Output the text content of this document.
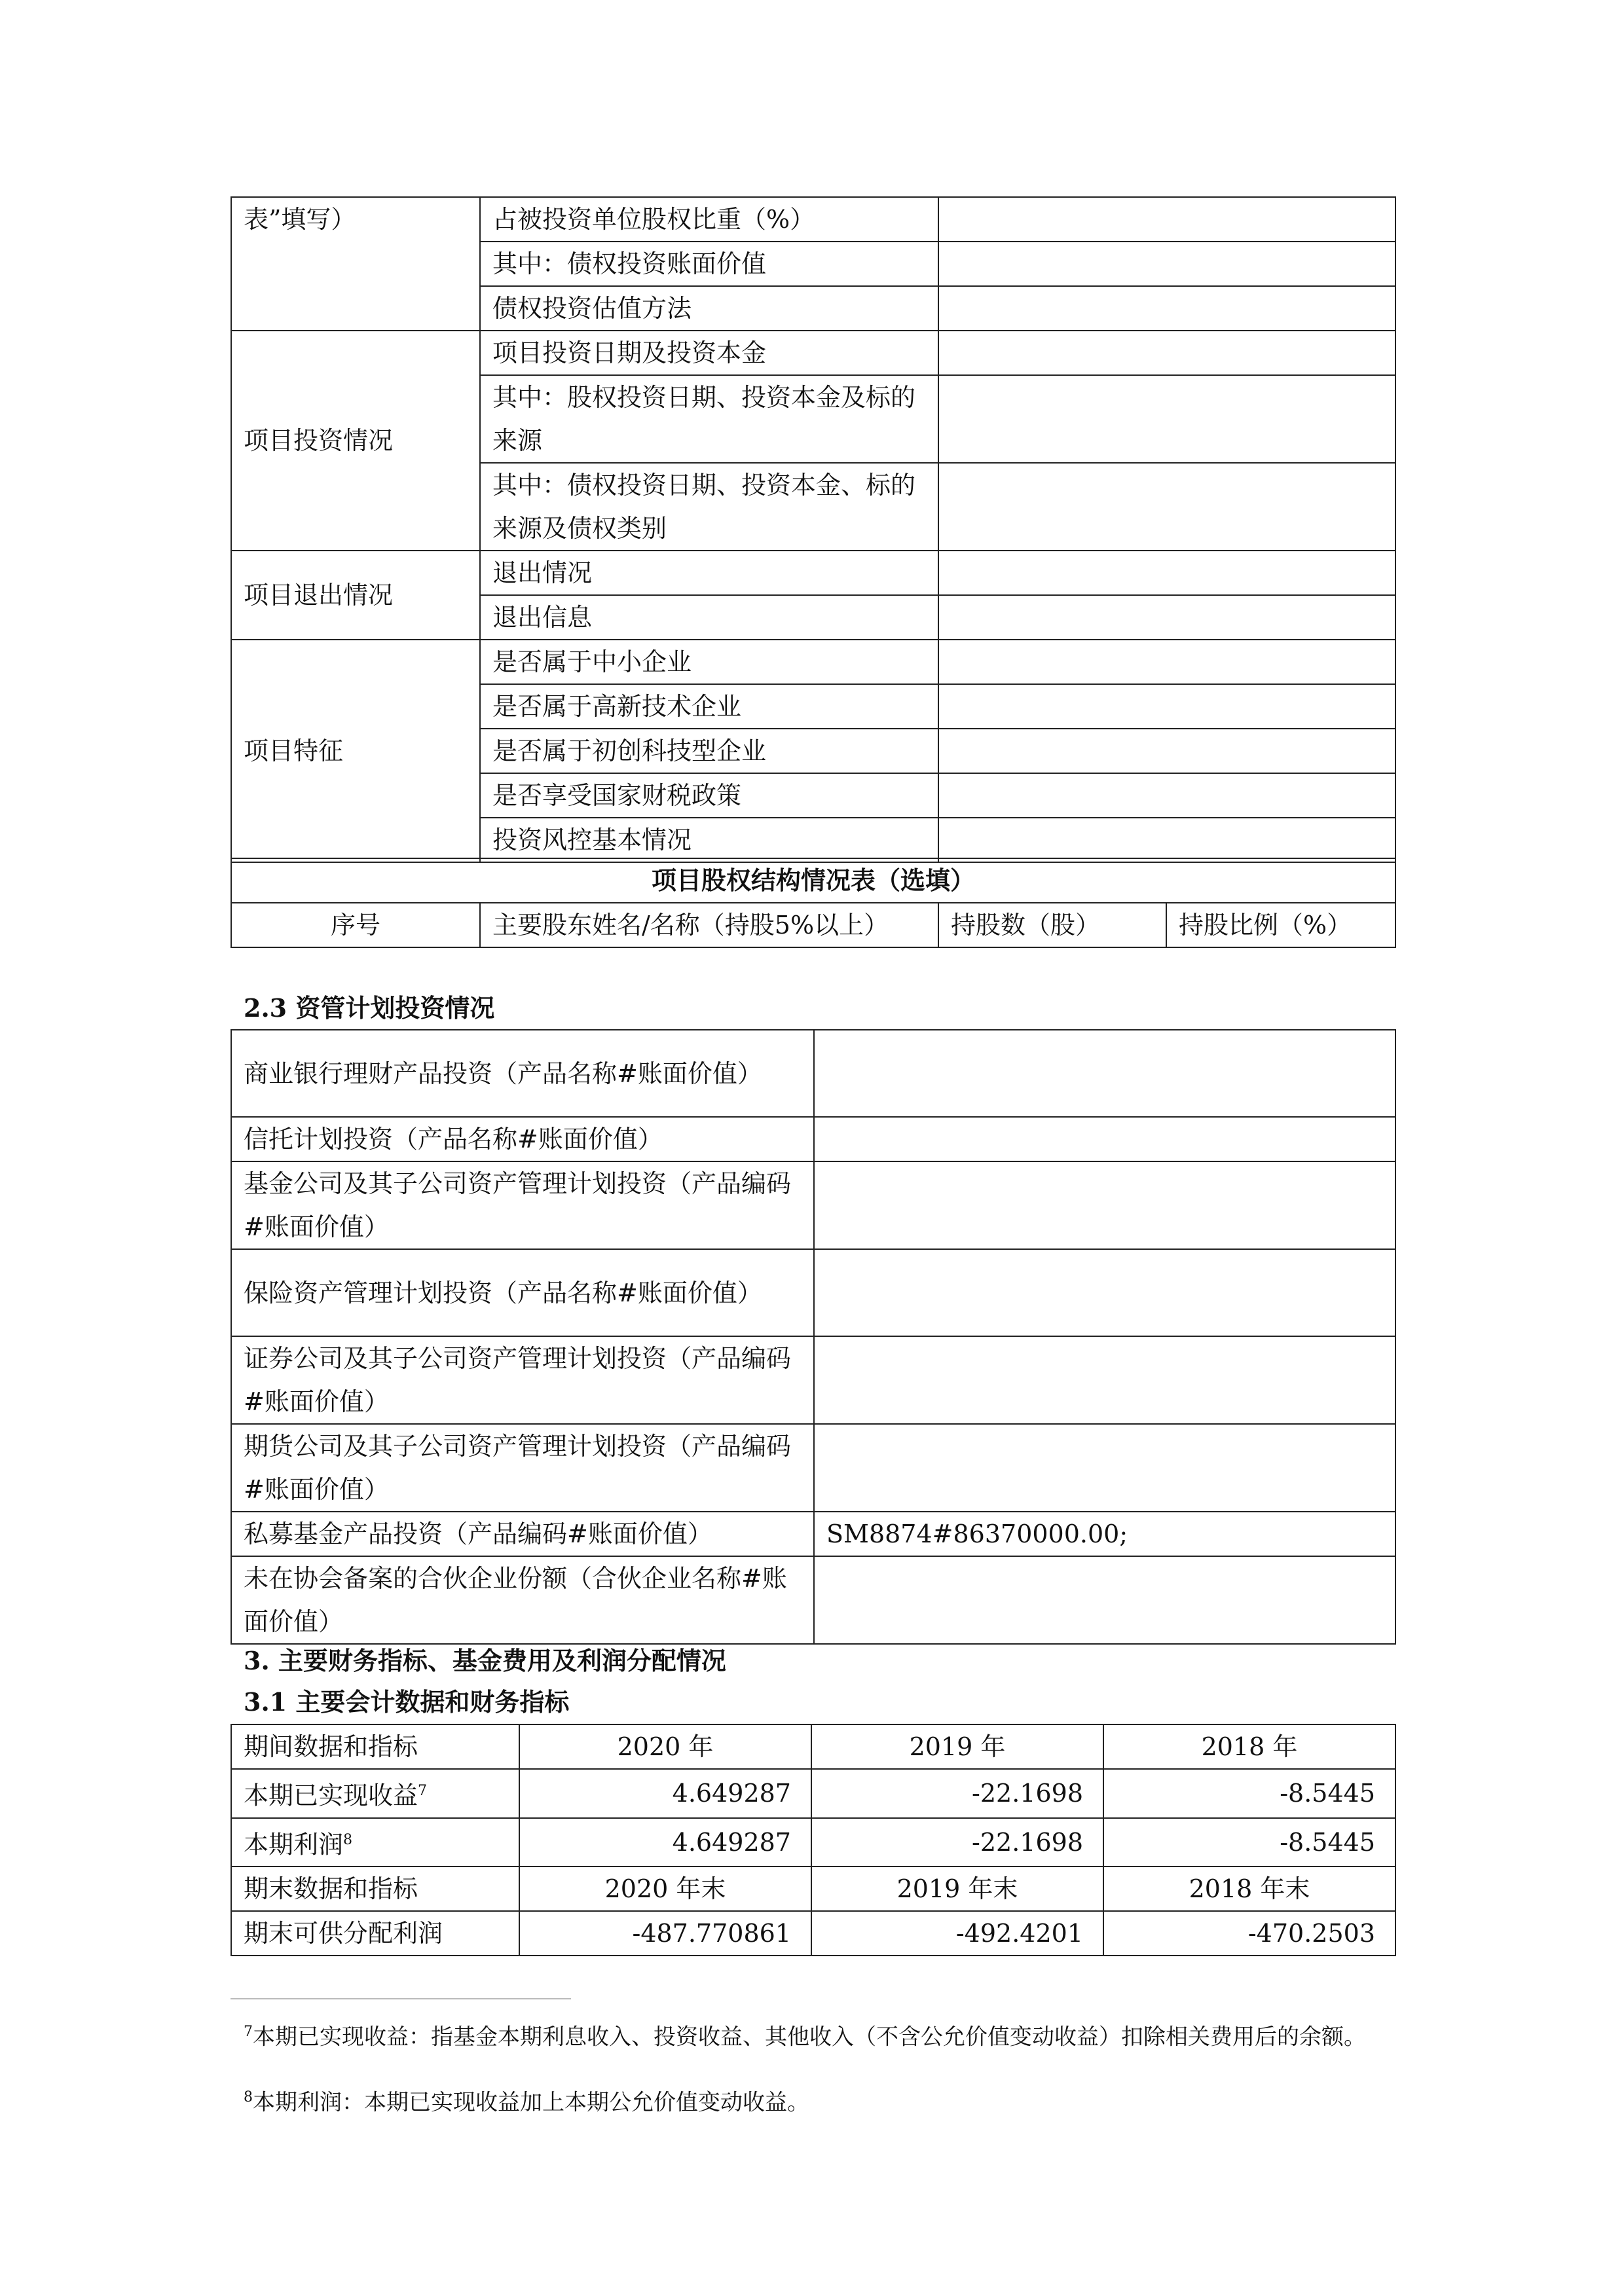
表”填写）	占被投资单位股权比重（%）	
	其中：债权投资账面价值	
	债权投资估值方法	
项目投资情况	项目投资日期及投资本金	
	其中：股权投资日期、投资本金及标的来源	
	其中：债权投资日期、投资本金、标的来源及债权类别	
项目退出情况	退出情况	
	退出信息	
项目特征	是否属于中小企业	
	是否属于高新技术企业	
	是否属于初创科技型企业	
	是否享受国家财税政策	
	投资风控基本情况	
项目股权结构情况表（选填）
序号	主要股东姓名/名称（持股5%以上）	持股数（股）	持股比例（%）
2.3 资管计划投资情况
商业银行理财产品投资（产品名称#账面价值）	
信托计划投资（产品名称#账面价值）	
基金公司及其子公司资产管理计划投资（产品编码#账面价值）	
保险资产管理计划投资（产品名称#账面价值）	
证券公司及其子公司资产管理计划投资（产品编码#账面价值）	
期货公司及其子公司资产管理计划投资（产品编码#账面价值）	
私募基金产品投资（产品编码#账面价值）	SM8874#86370000.00;
未在协会备案的合伙企业份额（合伙企业名称#账面价值）	
3. 主要财务指标、基金费用及利润分配情况
3.1 主要会计数据和财务指标
期间数据和指标	2020 年	2019 年	2018 年
本期已实现收益$^7$	4.649287	-22.1698	-8.5445
本期利润$^8$	4.649287	-22.1698	-8.5445
期末数据和指标	2020 年末	2019 年末	2018 年末
期末可供分配利润	-487.770861	-492.4201	-470.2503
$^7$本期已实现收益：指基金本期利息收入、投资收益、其他收入（不含公允价值变动收益）扣除相关费用后的余额。
$^8$本期利润：本期已实现收益加上本期公允价值变动收益。
